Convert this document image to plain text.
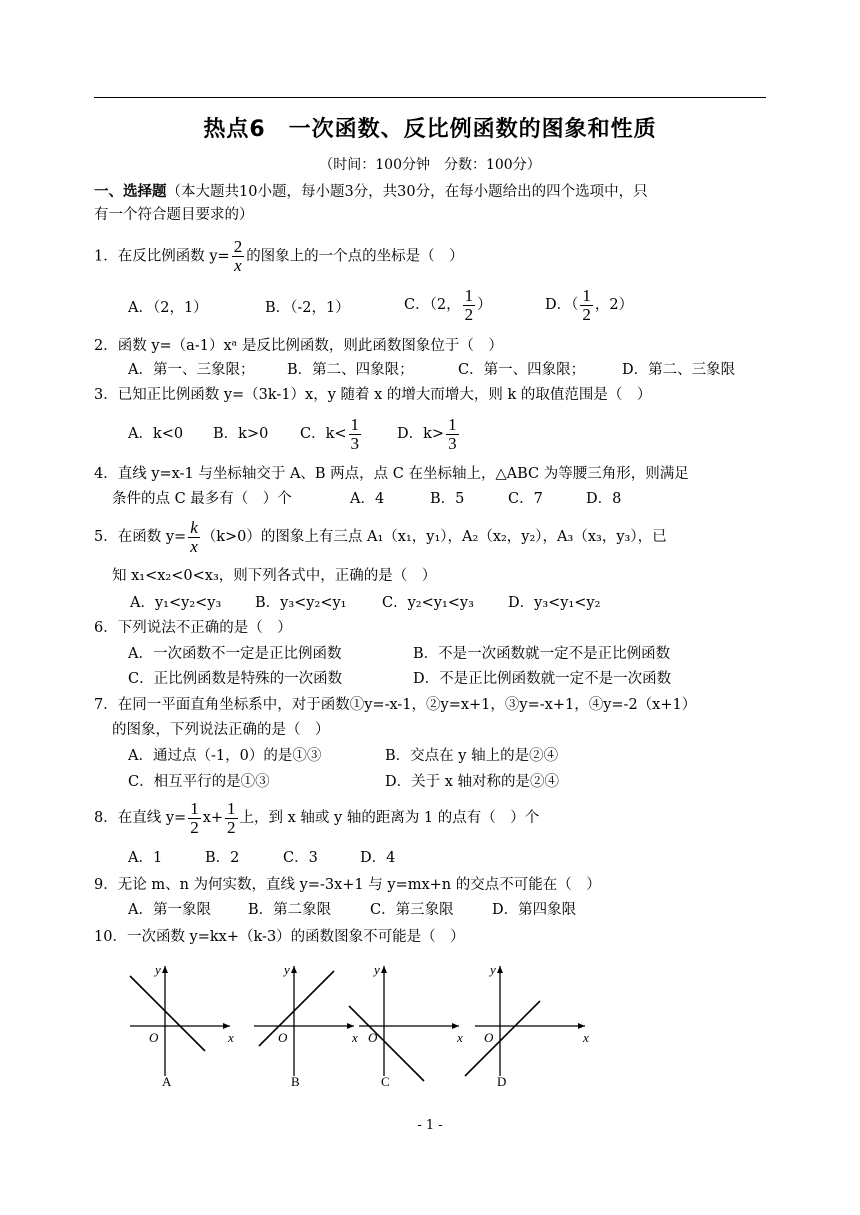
热点6　一次函数、反比例函数的图象和性质
（时间：100分钟　分数：100分）
一、选择题（本大题共10小题，每小题3分，共30分，在每小题给出的四个选项中，只
有一个符合题目要求的）
1．在反比例函数 $y= \frac{2}{x}$ 的图象上的一个点的坐标是（　）
A．（2，1）	B．（-2，1）	C．（2， $\frac{1}{2}$ ）	D．（ $\frac{1}{2}$ ，2）
2．函数 y=（a-1）xᵃ 是反比例函数，则此函数图象位于（　）
A．第一、三象限； B．第二、四象限；	C．第一、四象限；	D．第二、三象限
3．已知正比例函数 y=（3k-1）x，y 随着 x 的增大而增大，则 k 的取值范围是（　）
A．k<0 B．k>0 C．$k< \frac{1}{3}$ D．$k> \frac{1}{3}$
4．直线 y=x-1 与坐标轴交于 A、B 两点，点 C 在坐标轴上，△ABC 为等腰三角形，则满足
条件的点 C 最多有（　）个	A．4	B．5	C．7	D．8
5．在函数 $y= \frac{k}{x} (k>0)$的图象上有三点 A₁（x₁，y₁），A₂（x₂，y₂），A₃（x₃，y₃），已
知 x₁<x₂<0<x₃，则下列各式中，正确的是（　）
A．y₁<y₂<y₃ B．y₃<y₂<y₁ C．y₂<y₁<y₃ D．y₃<y₁<y₂
6．下列说法不正确的是（　）
A．一次函数不一定是正比例函数	B．不是一次函数就一定不是正比例函数
C．正比例函数是特殊的一次函数	D．不是正比例函数就一定不是一次函数
7．在同一平面直角坐标系中，对于函数①y=-x-1，②y=x+1，③y=-x+1，④y=-2（x+1）
的图象，下列说法正确的是（　）
A．通过点（-1，0）的是①③	B．交点在 y 轴上的是②④
C．相互平行的是①③	D．关于 x 轴对称的是②④
8．在直线 $y= \frac{1}{2} x+ \frac{1}{2}$ 上，到 x 轴或 y 轴的距离为 1 的点有（　）个
A．1	B．2	C．3	D．4
9．无论 m、n 为何实数，直线 y=-3x+1 与 y=mx+n 的交点不可能在（　）
A．第一象限	B．第二象限	C．第三象限	D．第四象限
10．一次函数 y=kx+（k-3）的函数图象不可能是（　）
x
y
O
A
x
y
O
B
x
y
O
C
x
y
O
D
- 1 -
